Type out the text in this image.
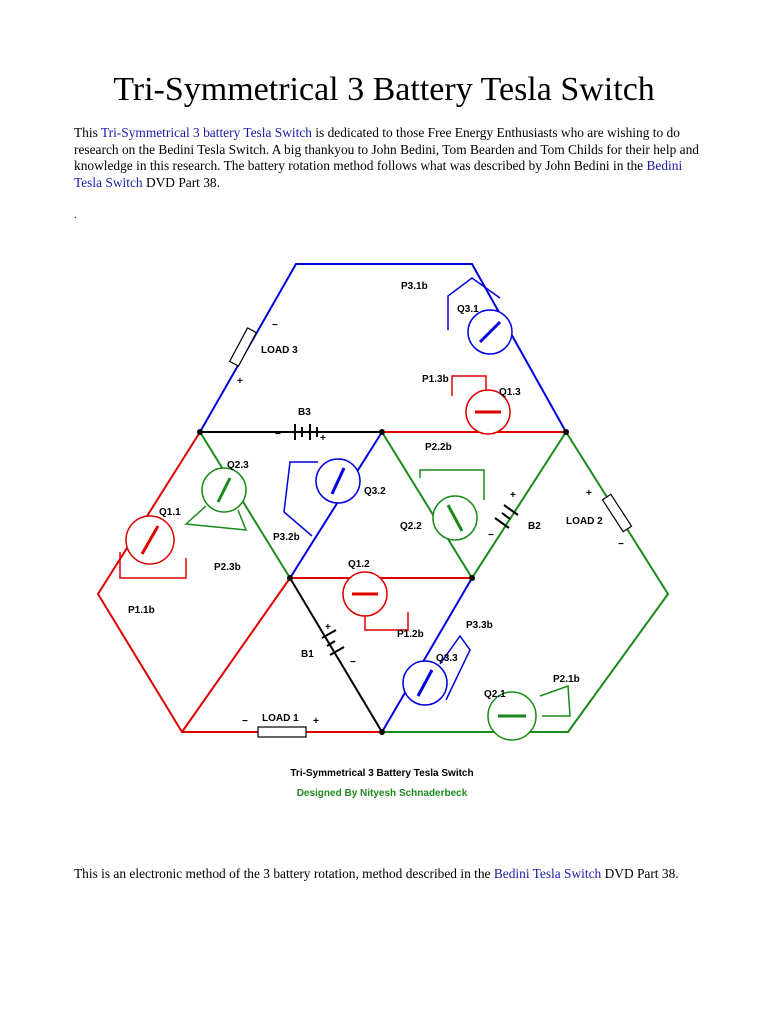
Tri-Symmetrical 3 Battery Tesla Switch

This Tri-Symmetrical 3 battery Tesla Switch is dedicated to those Free Energy Enthusiasts who are wishing to do research on the Bedini Tesla Switch. A big thankyou to John Bedini, Tom Bearden and Tom Childs for their help and knowledge in this research. The battery rotation method follows what was described by John Bedini in the Bedini Tesla Switch DVD Part 38.

.
P3.1b
Q3.1
LOAD 3
P1.3b
Q1.3
B3
P2.2b
Q2.3
Q3.2
Q1.1
Q2.2	B2	LOAD 2
P3.2b
P2.3b	Q1.2
P1.1b
P1.2b
P3.3b
B1	Q3.3
P2.1b
Q2.1
LOAD 1
−
+
−	+
+
−
+
−
+
−
−	+
Tri-Symmetrical 3 Battery Tesla Switch
Designed By Nityesh Schnaderbeck

This is an electronic method of the 3 battery rotation, method described in the Bedini Tesla Switch DVD Part 38.
